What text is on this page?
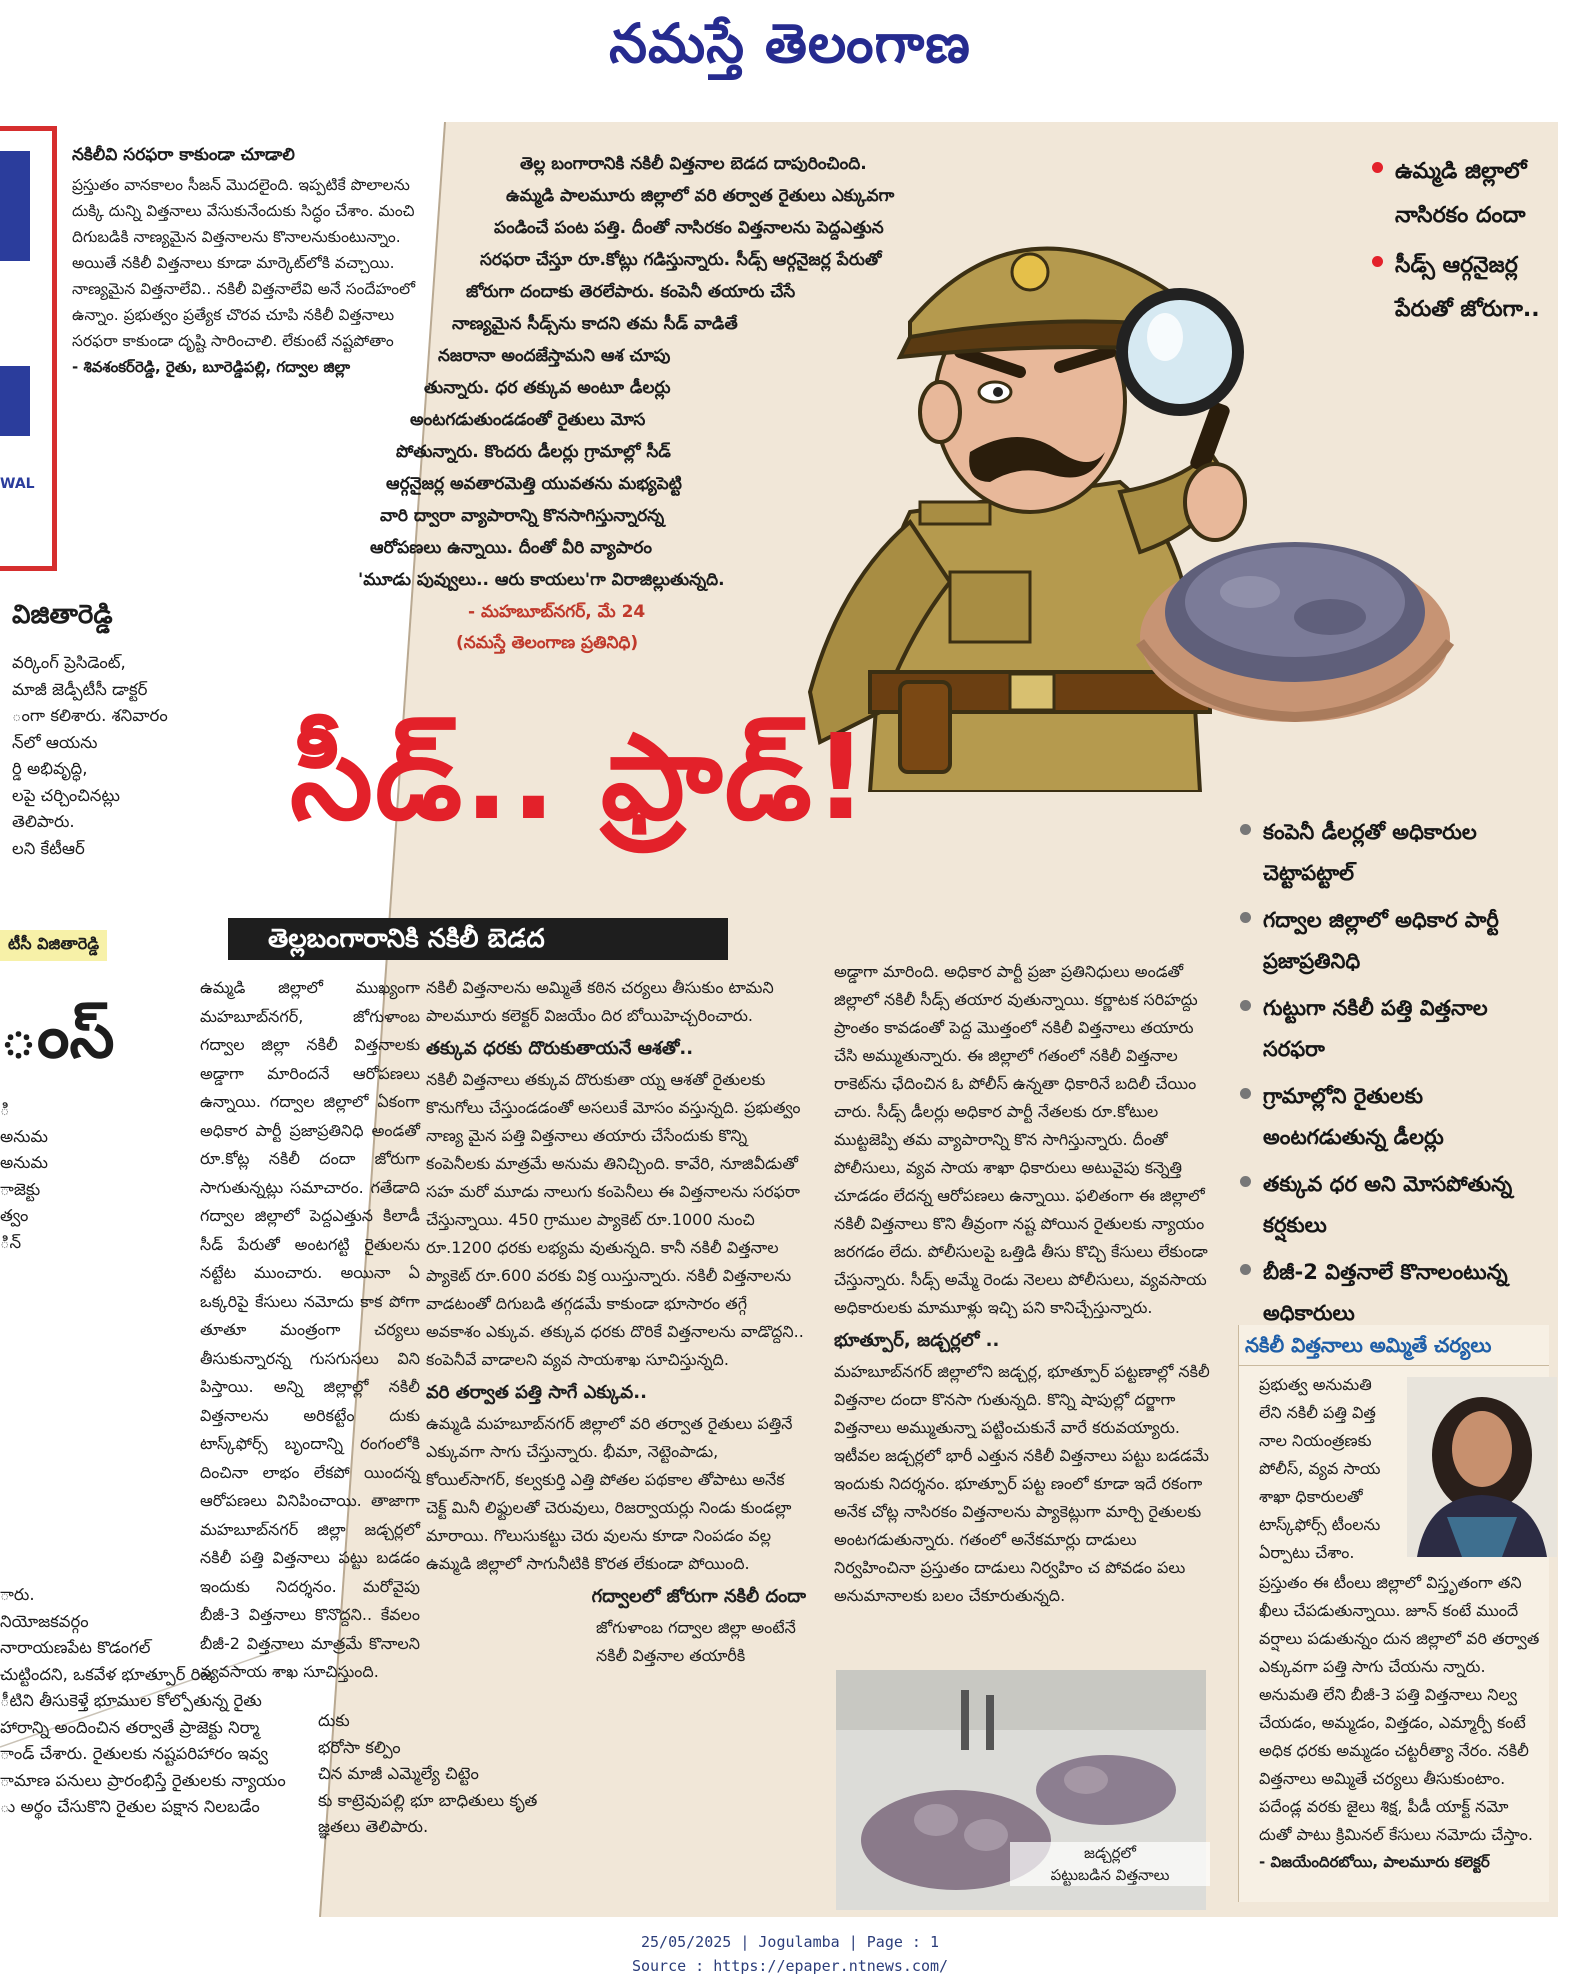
నమస్తే తెలంగాణ
WAL
నకిలీవి సరఫరా కాకుండా చూడాలి

ప్రస్తుతం వానకాలం సీజన్ మొదలైంది. ఇప్పటికే పొలాలను దుక్కి దున్ని విత్తనాలు వేసుకునేందుకు సిద్ధం చేశాం. మంచి దిగుబడికి నాణ్యమైన విత్తనాలను కొనాలనుకుంటున్నాం. అయితే నకిలీ విత్తనాలు కూడా మార్కెట్‌లోకి వచ్చాయి. నాణ్యమైన విత్తనాలేవి.. నకిలీ విత్తనాలేవి అనే సందేహంలో ఉన్నాం. ప్రభుత్వం ప్రత్యేక చొరవ చూపి నకిలీ విత్తనాలు సరఫరా కాకుండా దృష్టి సారించాలి. లేకుంటే నష్టపోతాం

- శివశంకర్‌రెడ్డి, రైతు, బూరెడ్డిపల్లి, గద్వాల జిల్లా

విజితారెడ్డి
వర్కింగ్ ప్రెసిడెంట్,
మాజీ జెడ్పీటీసీ డాక్టర్
ంగా కలిశారు. శనివారం
న్‌లో ఆయను
ర్డి అభివృద్ధి,
లపై చర్చించినట్లు
తెలిపారు.
లని కేటీఆర్
టీసీ విజితారెడ్డి
ంస్
ి అనుమ
అనుమ
ాజెక్టు
త్వం
ిన్
ారు.
నియోజకవర్గం
నారాయణపేట కొడంగల్
చుట్టిందని, ఒకవేళ భూత్పూర్ రిజ
ీటిని తీసుకెళ్తే భూముల కోల్పోతున్న రైతు
హారాన్ని అందించిన తర్వాతే ప్రాజెక్టు నిర్మా
ాండ్ చేశారు. రైతులకు నష్టపరిహారం ఇవ్వ
ామాణ పనులు ప్రారంభిస్తే రైతులకు న్యాయం
ు అర్థం చేసుకొని రైతుల పక్షాన నిలబడేం
దుకు
భరోసా కల్పిం
చిన మాజీ ఎమ్మెల్యే చిట్టెం
కు కాట్రెవుపల్లి భూ బాధితులు కృత
జ్ఞతలు తెలిపారు.
తెల్ల బంగారానికి నకిలీ విత్తనాల బెడద దాపురించింది.
ఉమ్మడి పాలమూరు జిల్లాలో వరి తర్వాత రైతులు ఎక్కువగా
పండించే పంట పత్తి. దీంతో నాసిరకం విత్తనాలను పెద్దఎత్తున
సరఫరా చేస్తూ రూ.కోట్లు గడిస్తున్నారు. సీడ్స్ ఆర్గనైజర్ల పేరుతో
జోరుగా దందాకు తెరలేపారు. కంపెనీ తయారు చేసే
నాణ్యమైన సీడ్స్‌ను కాదని తమ సీడ్ వాడితే
నజరానా అందజేస్తామని ఆశ చూపు
తున్నారు. ధర తక్కువ అంటూ డీలర్లు
అంటగడుతుండడంతో రైతులు మోస
పోతున్నారు. కొందరు డీలర్లు గ్రామాల్లో సీడ్
ఆర్గనైజర్ల అవతారమెత్తి యువతను మభ్యపెట్టి
వారి ద్వారా వ్యాపారాన్ని కొనసాగిస్తున్నారన్న
ఆరోపణలు ఉన్నాయి. దీంతో వీరి వ్యాపారం
'మూడు పువ్వులు.. ఆరు కాయలు'గా విరాజిల్లుతున్నది.
- మహబూబ్‌నగర్, మే 24
(నమస్తే తెలంగాణ ప్రతినిధి)
ఉమ్మడి జిల్లాలో నాసిరకం దందా
సీడ్స్ ఆర్గనైజర్ల పేరుతో జోరుగా..
సీడ్.. ఫ్రాడ్!
తెల్లబంగారానికి నకిలీ బెడద
కంపెనీ డీలర్లతో అధికారుల చెట్టాపట్టాల్
గద్వాల జిల్లాలో అధికార పార్టీ ప్రజాప్రతినిధి
గుట్టుగా నకిలీ పత్తి విత్తనాల సరఫరా
గ్రామాల్లోని రైతులకు అంటగడుతున్న డీలర్లు
తక్కువ ధర అని మోసపోతున్న కర్షకులు
బీజీ-2 విత్తనాలే కొనాలంటున్న అధికారులు

ఉమ్మడి జిల్లాలో ముఖ్యంగా మహబూబ్‌నగర్, జోగుళాంబ గద్వాల జిల్లా నకిలీ విత్తనాలకు అడ్డాగా మారిందనే ఆరోపణలు ఉన్నాయి. గద్వాల జిల్లాలో ఏకంగా అధికార పార్టీ ప్రజాప్రతినిధి అండతో రూ.కోట్ల నకిలీ దందా జోరుగా సాగుతున్నట్లు సమాచారం. గతేడాది గద్వాల జిల్లాలో పెద్దఎత్తున కిలాడీ సీడ్ పేరుతో అంటగట్టి రైతులను నట్టేట ముంచారు. అయినా ఏ ఒక్కరిపై కేసులు నమోదు కాక పోగా తూతూ మంత్రంగా చర్యలు తీసుకున్నారన్న గుసగుసలు విని పిస్తాయి. అన్ని జిల్లాల్లో నకిలీ విత్తనాలను అరికట్టేం దుకు టాస్క్‌ఫోర్స్ బృందాన్ని రంగంలోకి దించినా లాభం లేకపో యిందన్న ఆరోపణలు వినిపించాయి. తాజాగా మహబూబ్‌నగర్ జిల్లా జడ్చర్లలో నకిలీ పత్తి విత్తనాలు పట్టు బడడం ఇందుకు నిదర్శనం. మరోవైపు బీజీ-3 విత్తనాలు కొనొద్దని.. కేవలం బీజీ-2 విత్తనాలు మాత్రమే కొనాలని వ్యవసాయ శాఖ సూచిస్తుంది.

నకిలీ విత్తనాలను అమ్మితే కఠిన చర్యలు తీసుకుం టామని పాలమూరు కలెక్టర్ విజయేం దిర బోయిహెచ్చరించారు.

తక్కువ ధరకు దొరుకుతాయనే ఆశతో..

నకిలీ విత్తనాలు తక్కువ దొరుకుతా య్న ఆశతో రైతులకు కొనుగోలు చేస్తుండడంతో అసలుకే మోసం వస్తున్నది. ప్రభుత్వం నాణ్య మైన పత్తి విత్తనాలు తయారు చేసేందుకు కొన్ని కంపెనీలకు మాత్రమే అనుమ తినిచ్చింది. కావేరి, నూజివీడుతో సహ మరో మూడు నాలుగు కంపెనీలు ఈ విత్తనాలను సరఫరా చేస్తున్నాయి. 450 గ్రాముల ప్యాకెట్ రూ.1000 నుంచి రూ.1200 ధరకు లభ్యమ వుతున్నది. కానీ నకిలీ విత్తనాల ప్యాకెట్ రూ.600 వరకు విక్ర యిస్తున్నారు. నకిలీ విత్తనాలను వాడటంతో దిగుబడి తగ్గడమే కాకుండా భూసారం తగ్గే అవకాశం ఎక్కువ. తక్కువ ధరకు దొరికే విత్తనాలను వాడొద్దని.. కంపెనీవే వాడాలని వ్యవ సాయశాఖ సూచిస్తున్నది.

వరి తర్వాత పత్తి సాగే ఎక్కువ..

ఉమ్మడి మహబూబ్‌నగర్ జిల్లాలో వరి తర్వాత రైతులు పత్తినే ఎక్కువగా సాగు చేస్తున్నారు. భీమా, నెట్టెంపాడు, కోయిల్‌సాగర్, కల్వకుర్తి ఎత్తి పోతల పథకాల తోపాటు అనేక చెక్ట్ మినీ లిఫ్టులతో చెరువులు, రిజర్వాయర్లు నిండు కుండల్లా మారాయి. గొలుసుకట్టు చెరు వులను కూడా నింపడం వల్ల ఉమ్మడి జిల్లాలో సాగునీటికి కొరత లేకుండా పోయింది.

గద్వాలలో జోరుగా నకిలీ దందా

జోగుళాంబ గద్వాల జిల్లా అంటేనే నకిలీ విత్తనాల తయారీకి

అడ్డాగా మారింది. అధికార పార్టీ ప్రజా ప్రతినిధులు అండతో జిల్లాలో నకిలీ సీడ్స్ తయార వుతున్నాయి. కర్ణాటక సరిహద్దు ప్రాంతం కావడంతో పెద్ద మొత్తంలో నకిలీ విత్తనాలు తయారు చేసి అమ్ముతున్నారు. ఈ జిల్లాలో గతంలో నకిలీ విత్తనాల రాకెట్‌ను ఛేదించిన ఓ పోలీస్ ఉన్నతా ధికారినే బదిలీ చేయిం చారు. సీడ్స్ డీలర్లు అధికార పార్టీ నేతలకు రూ.కోటుల ముట్టజెప్పి తమ వ్యాపారాన్ని కొన సాగిస్తున్నారు. దీంతో పోలీసులు, వ్యవ సాయ శాఖా ధికారులు అటువైపు కన్నెత్తి చూడడం లేదన్న ఆరోపణలు ఉన్నాయి. ఫలితంగా ఈ జిల్లాలో నకిలీ విత్తనాలు కొని తీవ్రంగా నష్ట పోయిన రైతులకు న్యాయం జరగడం లేదు. పోలీసులపై ఒత్తిడి తీసు కొచ్చి కేసులు లేకుండా చేస్తున్నారు. సీడ్స్ అమ్మే రెండు నెలలు పోలీసులు, వ్యవసాయ అధికారులకు మామూళ్లు ఇచ్చి పని కానిచ్చేస్తున్నారు.

భూత్పూర్, జడ్చర్లలో ..

మహబూబ్‌నగర్ జిల్లాలోని జడ్చర్ల, భూత్పూర్ పట్టణాల్లో నకిలీ విత్తనాల దందా కొనసా గుతున్నది. కొన్ని షాపుల్లో దర్జాగా విత్తనాలు అమ్ముతున్నా పట్టించుకునే వారే కరువయ్యారు. ఇటీవల జడ్చర్లలో భారీ ఎత్తున నకిలీ విత్తనాలు పట్టు బడడమే ఇందుకు నిదర్శనం. భూత్పూర్ పట్ట ణంలో కూడా ఇదే రకంగా అనేక చోట్ల నాసిరకం విత్తనాలను ప్యాకెట్లుగా మార్చి రైతులకు అంటగడుతున్నారు. గతంలో అనేకమార్లు దాడులు నిర్వహించినా ప్రస్తుతం దాడులు నిర్వహిం చ పోవడం పలు అనుమానాలకు బలం చేకూరుతున్నది.

జడ్చర్లలో
పట్టుబడిన విత్తనాలు
నకిలీ విత్తనాలు అమ్మితే చర్యలు
ప్రభుత్వ అనుమతి
లేని నకిలీ పత్తి విత్త
నాల నియంత్రణకు
పోలీస్, వ్యవ సాయ
శాఖా ధికారులతో
టాస్క్‌ఫోర్స్ టీంలను
ఏర్పాటు చేశాం.

ప్రస్తుతం ఈ టీంలు జిల్లాలో విస్తృతంగా తని ఖీలు చేపడుతున్నాయి. జూన్ కంటే ముందే వర్షాలు పడుతున్నం దున జిల్లాలో వరి తర్వాత ఎక్కువగా పత్తి సాగు చేయను న్నారు. అనుమతి లేని బీజీ-3 పత్తి విత్తనాలు నిల్వ చేయడం, అమ్మడం, విత్తడం, ఎమ్మార్పీ కంటే అధిక ధరకు అమ్మడం చట్టరీత్యా నేరం. నకిలీ విత్తనాలు అమ్మితే చర్యలు తీసుకుంటాం. పదేండ్ల వరకు జైలు శిక్ష, పీడీ యాక్ట్ నమో దుతో పాటు క్రిమినల్ కేసులు నమోదు చేస్తాం.

- విజయేందిరబోయి, పాలమూరు కలెక్టర్

25/05/2025 | Jogulamba | Page : 1
Source : https://epaper.ntnews.com/
